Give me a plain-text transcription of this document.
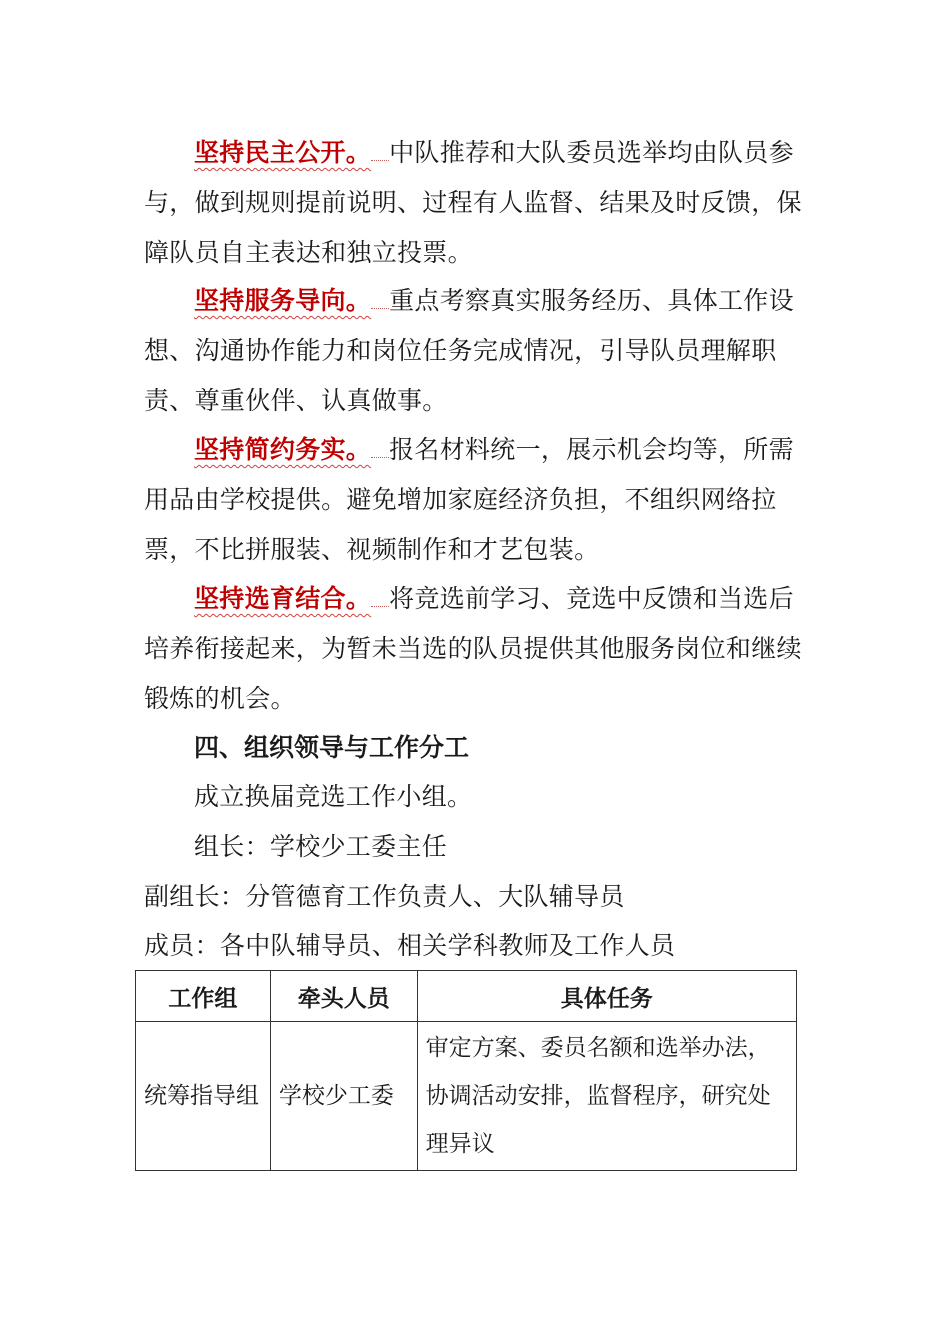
坚持民主公开。 中队推荐和大队委员选举均由队员参与，做到规则提前说明、过程有人监督、结果及时反馈，保障队员自主表达和独立投票。

坚持服务导向。 重点考察真实服务经历、具体工作设想、沟通协作能力和岗位任务完成情况，引导队员理解职责、尊重伙伴、认真做事。

坚持简约务实。 报名材料统一，展示机会均等，所需用品由学校提供。避免增加家庭经济负担，不组织网络拉票，不比拼服装、视频制作和才艺包装。

坚持选育结合。 将竞选前学习、竞选中反馈和当选后培养衔接起来，为暂未当选的队员提供其他服务岗位和继续锻炼的机会。

四、组织领导与工作分工

成立换届竞选工作小组。

组长：学校少工委主任

副组长：分管德育工作负责人、大队辅导员

成员：各中队辅导员、相关学科教师及工作人员

工作组	牵头人员	具体任务
统筹指导组	学校少工委	审定方案、委员名额和选举办法，协调活动安排，监督程序，研究处理异议
